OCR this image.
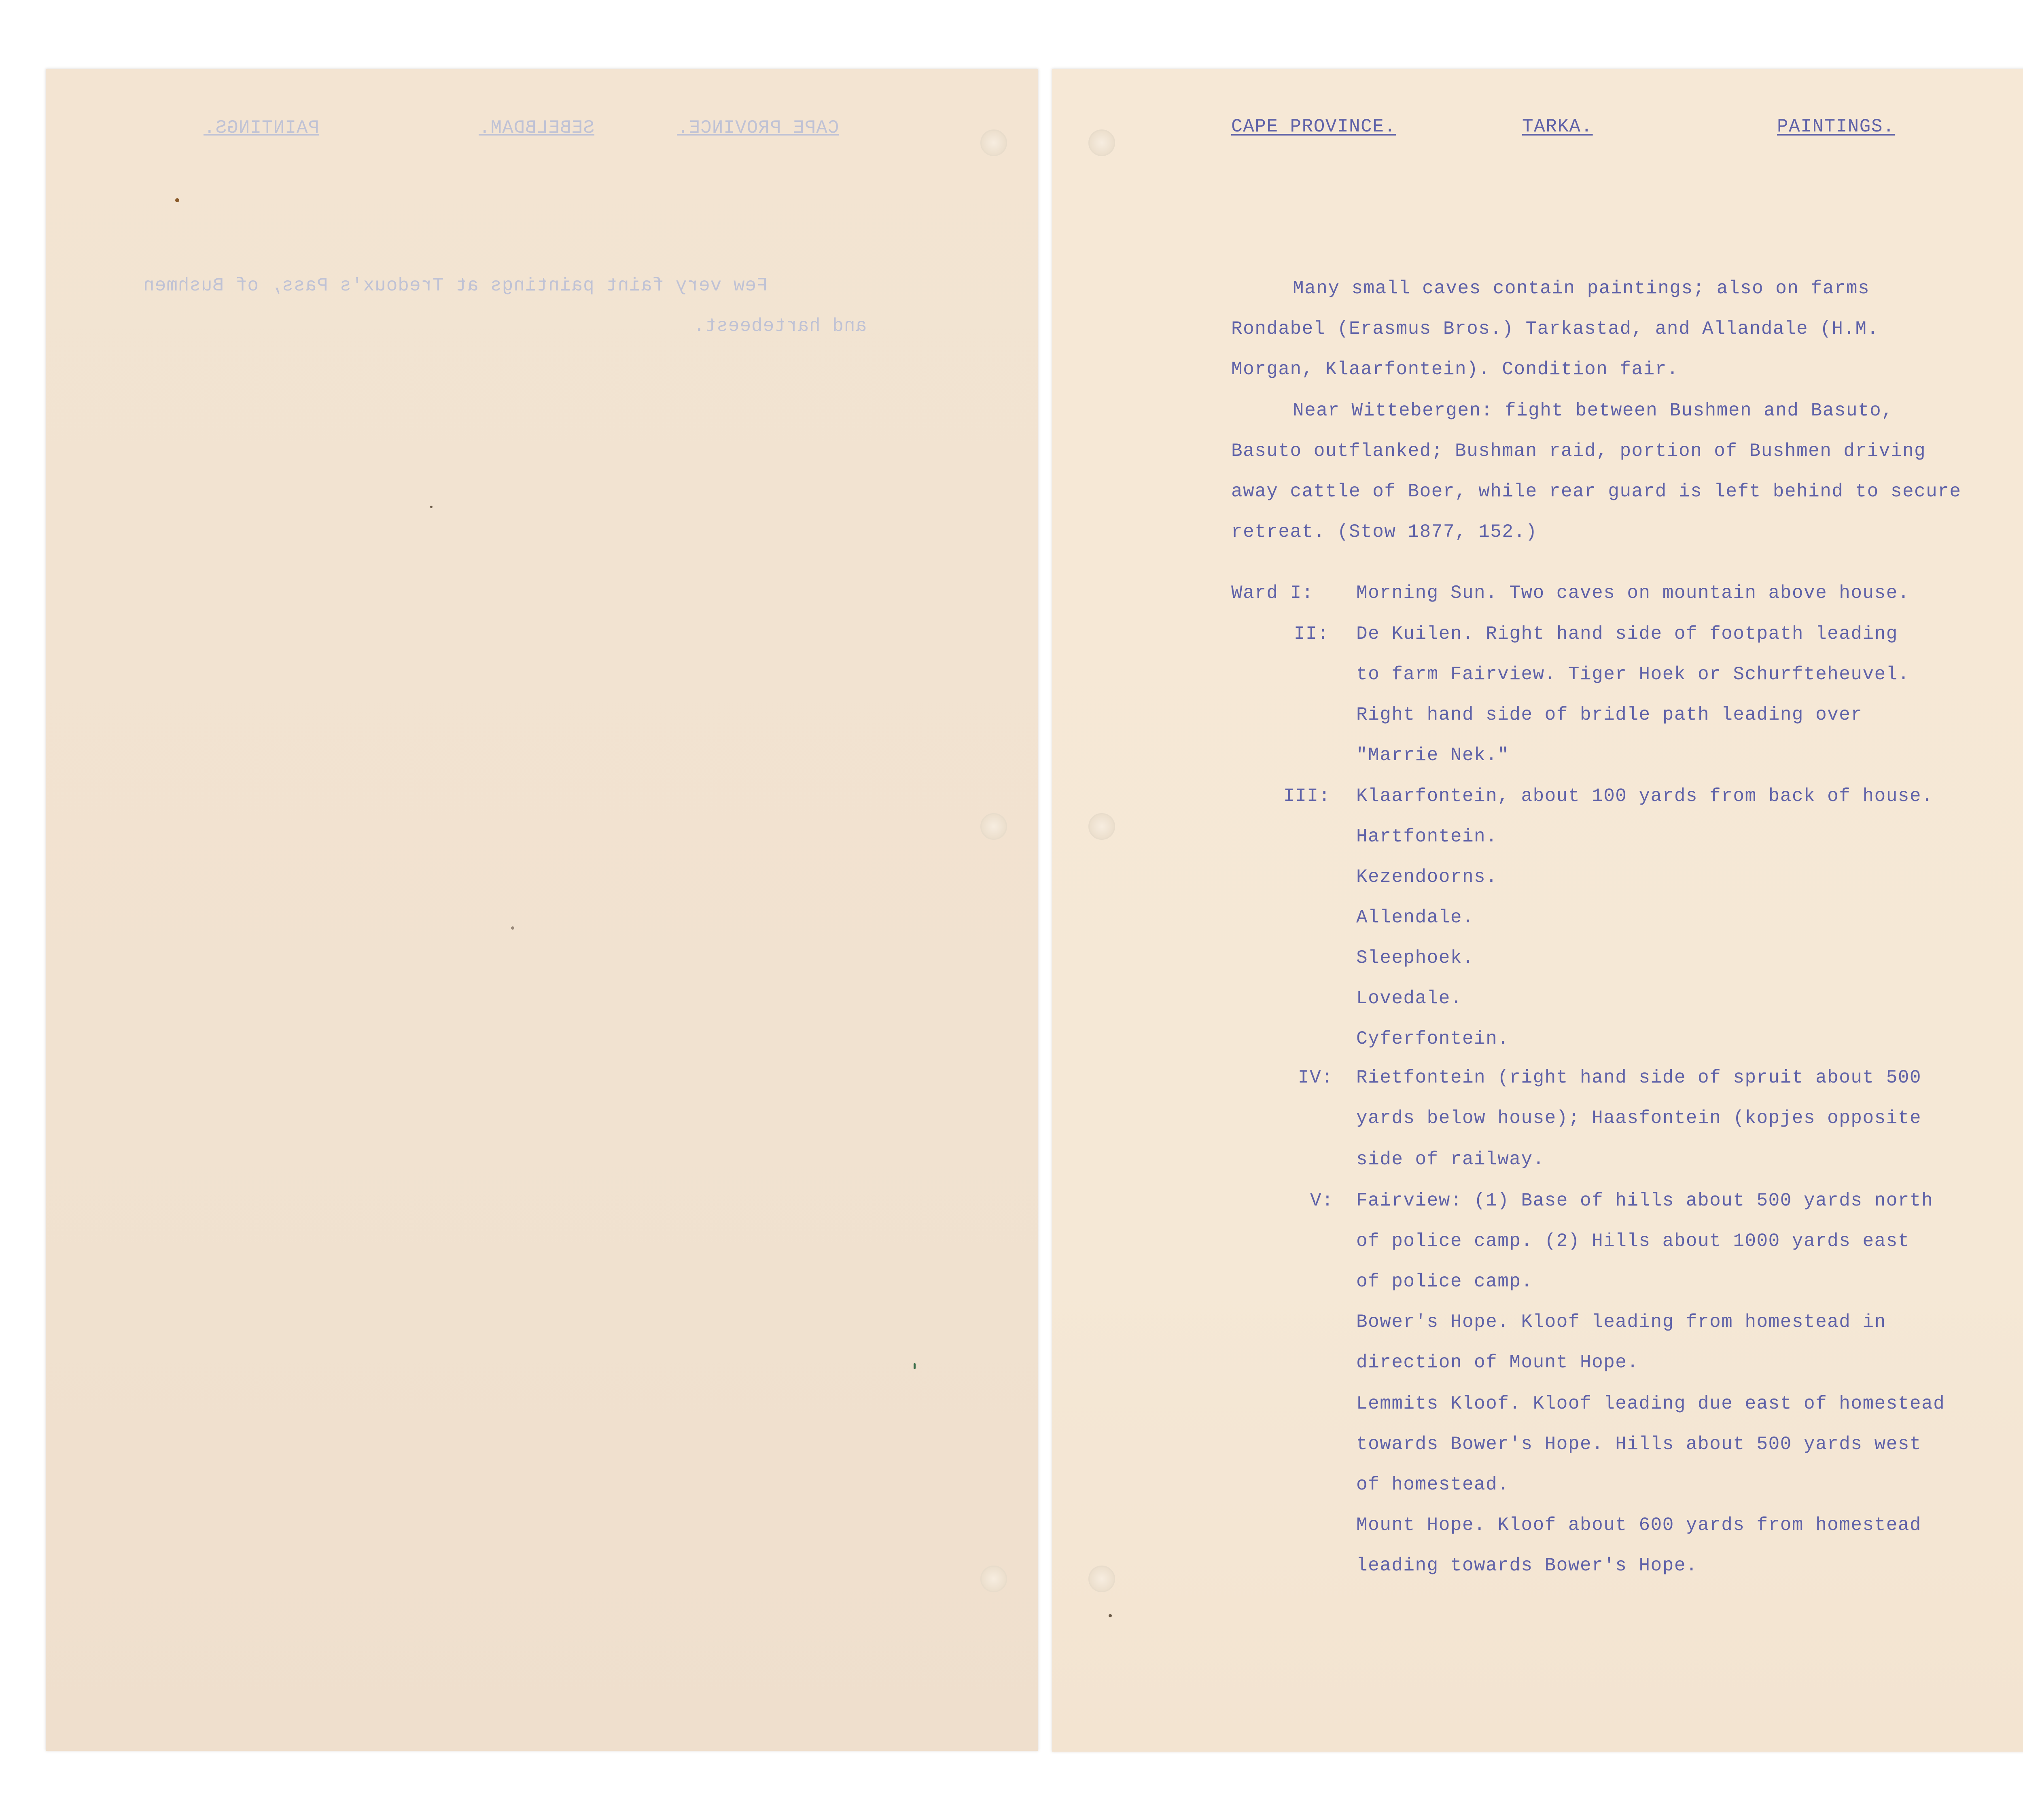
CAPE PROVINCE.
SEBELBDAM.
PAINTINGS.
Few very faint paintings at Tredoux's Pass, of Bushmen
and hartebeest.
CAPE PROVINCE.	TARKA.	PAINTINGS.
Many small caves contain paintings; also on farms
Rondabel (Erasmus Bros.) Tarkastad, and Allandale (H.M.
Morgan, Klaarfontein). Condition fair.
Near Wittebergen: fight between Bushmen and Basuto,
Basuto outflanked; Bushman raid, portion of Bushmen driving
away cattle of Boer, while rear guard is left behind to secure
retreat. (Stow 1877, 152.)
Ward I: Morning Sun. Two caves on mountain above house.
II: De Kuilen. Right hand side of footpath leading
to farm Fairview. Tiger Hoek or Schurfteheuvel.
Right hand side of bridle path leading over
"Marrie Nek."
III: Klaarfontein, about 100 yards from back of house.
Hartfontein.
Kezendoorns.
Allendale.
Sleephoek.
Lovedale.
Cyferfontein.
IV: Rietfontein (right hand side of spruit about 500
yards below house); Haasfontein (kopjes opposite
side of railway.
V: Fairview: (1) Base of hills about 500 yards north
of police camp. (2) Hills about 1000 yards east
of police camp.
Bower's Hope. Kloof leading from homestead in
direction of Mount Hope.
Lemmits Kloof. Kloof leading due east of homestead
towards Bower's Hope. Hills about 500 yards west
of homestead.
Mount Hope. Kloof about 600 yards from homestead
leading towards Bower's Hope.
